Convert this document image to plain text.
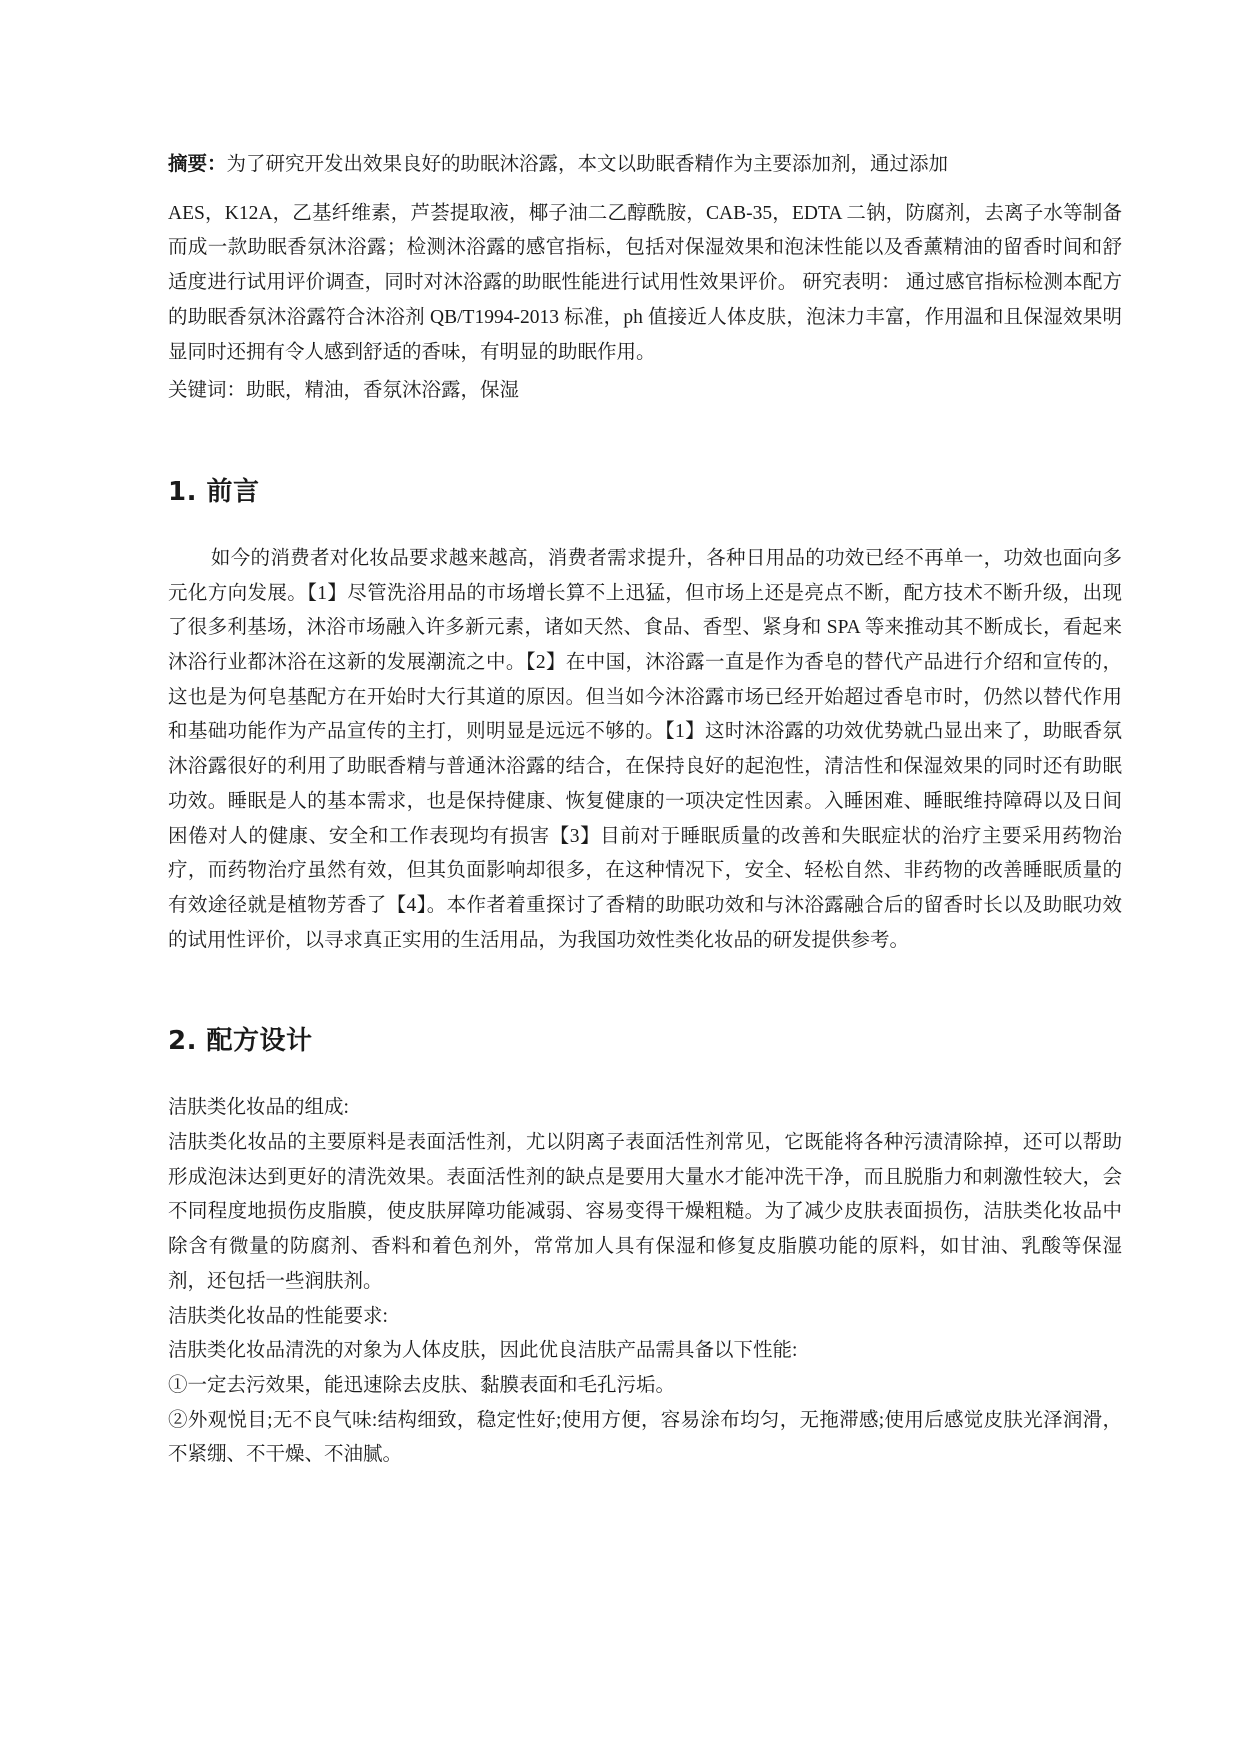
摘要：为了研究开发出效果良好的助眠沐浴露，本文以助眠香精作为主要添加剂，通过添加

AES，K12A，乙基纤维素，芦荟提取液，椰子油二乙醇酰胺，CAB-35，EDTA 二钠，防腐剂，去离子水等制备而成一款助眠香氛沐浴露；检测沐浴露的感官指标，包括对保湿效果和泡沫性能以及香薰精油的留香时间和舒适度进行试用评价调查，同时对沐浴露的助眠性能进行试用性效果评价。 研究表明： 通过感官指标检测本配方的助眠香氛沐浴露符合沐浴剂 QB/T1994-2013 标准，ph 值接近人体皮肤，泡沫力丰富，作用温和且保湿效果明显同时还拥有令人感到舒适的香味，有明显的助眠作用。

关键词：助眠，精油，香氛沐浴露，保湿

1. 前言

如今的消费者对化妆品要求越来越高，消费者需求提升，各种日用品的功效已经不再单一，功效也面向多元化方向发展。【1】尽管洗浴用品的市场增长算不上迅猛，但市场上还是亮点不断，配方技术不断升级，出现了很多利基场，沐浴市场融入许多新元素，诸如天然、食品、香型、紧身和 SPA 等来推动其不断成长，看起来 沐浴行业都沐浴在这新的发展潮流之中。【2】在中国，沐浴露一直是作为香皂的替代产品进行介绍和宣传的，这也是为何皂基配方在开始时大行其道的原因。但当如今沐浴露市场已经开始超过香皂市时，仍然以替代作用和基础功能作为产品宣传的主打，则明显是远远不够的。【1】这时沐浴露的功效优势就凸显出来了，助眠香氛沐浴露很好的利用了助眠香精与普通沐浴露的结合，在保持良好的起泡性，清洁性和保湿效果的同时还有助眠功效。睡眠是人的基本需求，也是保持健康、恢复健康的一项决定性因素。入睡困难、睡眠维持障碍以及日间困倦对人的健康、安全和工作表现均有损害【3】目前对于睡眠质量的改善和失眠症状的治疗主要采用药物治疗，而药物治疗虽然有效，但其负面影响却很多，在这种情况下，安全、轻松自然、非药物的改善睡眠质量的有效途径就是植物芳香了【4】。本作者着重探讨了香精的助眠功效和与沐浴露融合后的留香时长以及助眠功效的试用性评价，以寻求真正实用的生活用品，为我国功效性类化妆品的研发提供参考。

2. 配方设计

洁肤类化妆品的组成:

洁肤类化妆品的主要原料是表面活性剂，尤以阴离子表面活性剂常见，它既能将各种污渍清除掉，还可以帮助形成泡沫达到更好的清洗效果。表面活性剂的缺点是要用大量水才能冲洗干净，而且脱脂力和刺激性较大，会不同程度地损伤皮脂膜，使皮肤屏障功能减弱、容易变得干燥粗糙。为了减少皮肤表面损伤，洁肤类化妆品中除含有微量的防腐剂、香料和着色剂外，常常加人具有保湿和修复皮脂膜功能的原料，如甘油、乳酸等保湿剂，还包括一些润肤剂。

洁肤类化妆品的性能要求:

洁肤类化妆品清洗的对象为人体皮肤，因此优良洁肤产品需具备以下性能:

①一定去污效果，能迅速除去皮肤、黏膜表面和毛孔污垢。

②外观悦目;无不良气味:结构细致，稳定性好;使用方便，容易涂布均匀，无拖滞感;使用后感觉皮肤光泽润滑，不紧绷、不干燥、不油腻。
